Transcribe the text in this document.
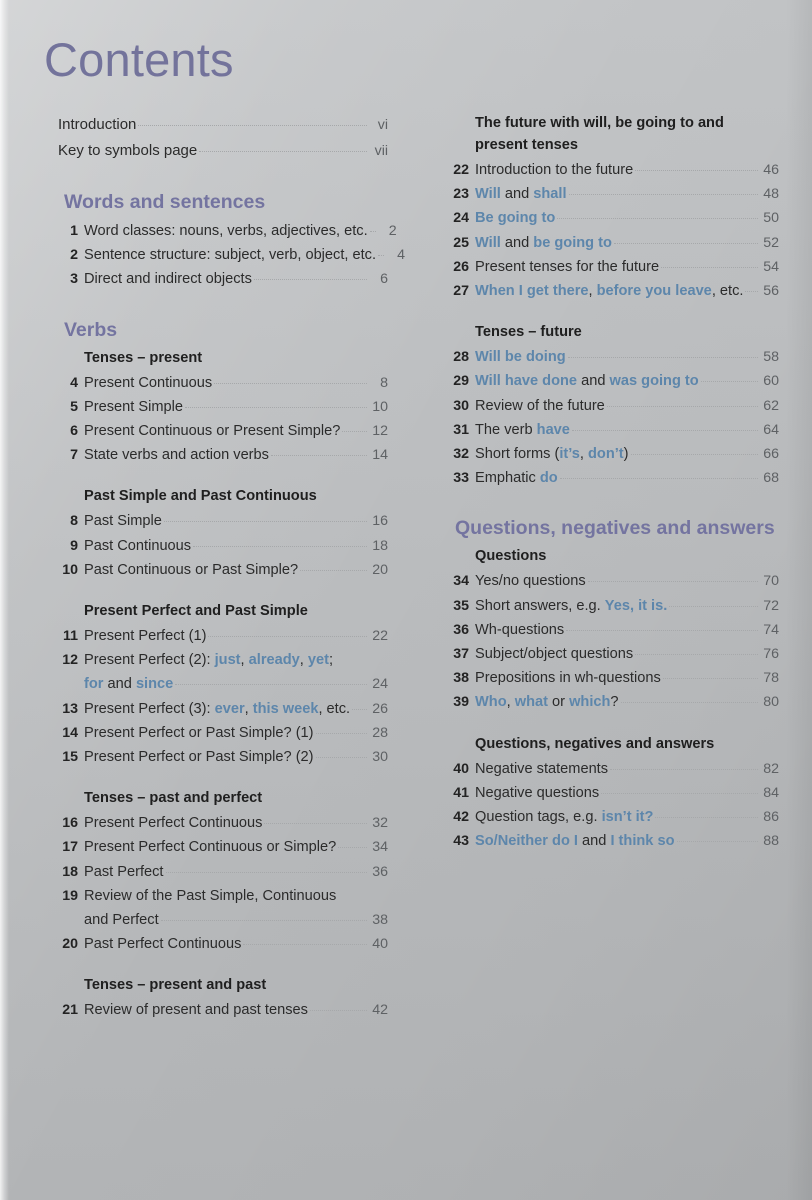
Contents
Introduction	vi
Key to symbols page	vii
Words and sentences
1 Word classes: nouns, verbs, adjectives, etc.	2
2 Sentence structure: subject, verb, object, etc.	4
3 Direct and indirect objects	6
Verbs
Tenses – present
4 Present Continuous	8
5 Present Simple	10
6 Present Continuous or Present Simple? 12
7 State verbs and action verbs	14
Past Simple and Past Continuous
8 Past Simple	16
9 Past Continuous	18
10 Past Continuous or Past Simple?	20
Present Perfect and Past Simple
11 Present Perfect (1)	22
12 Present Perfect (2): just, already, yet;
for and since	24
13 Present Perfect (3): ever, this week, etc. 26
14 Present Perfect or Past Simple? (1)	28
15 Present Perfect or Past Simple? (2)	30
Tenses – past and perfect
16 Present Perfect Continuous	32
17 Present Perfect Continuous or Simple?	34
18 Past Perfect	36
19 Review of the Past Simple, Continuous
and Perfect	38
20 Past Perfect Continuous	40
Tenses – present and past
21 Review of present and past tenses	42
The future with will, be going to and present tenses
22 Introduction to the future	46
23 Will and shall	48
24 Be going to	50
25 Will and be going to	52
26 Present tenses for the future	54
27 When I get there, before you leave, etc. 56
Tenses – future
28 Will be doing	58
29 Will have done and was going to	60
30 Review of the future	62
31 The verb have	64
32 Short forms (it’s, don’t)	66
33 Emphatic do	68
Questions, negatives and answers
Questions
34 Yes/no questions	70
35 Short answers, e.g. Yes, it is.	72
36 Wh-questions	74
37 Subject/object questions	76
38 Prepositions in wh-questions	78
39 Who, what or which?	80
Questions, negatives and answers
40 Negative statements	82
41 Negative questions	84
42 Question tags, e.g. isn’t it?	86
43 So/Neither do I and I think so	88
